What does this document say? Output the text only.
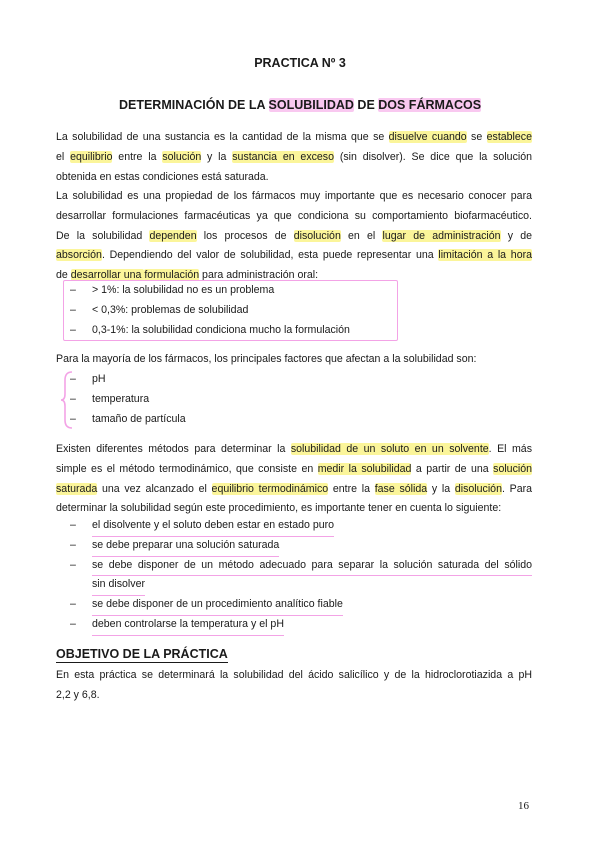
PRACTICA Nº 3
DETERMINACIÓN DE LA SOLUBILIDAD DE DOS FÁRMACOS
La solubilidad de una sustancia es la cantidad de la misma que se disuelve cuando se establece
el equilibrio entre la solución y la sustancia en exceso (sin disolver). Se dice que la solución
obtenida en estas condiciones está saturada.
La solubilidad es una propiedad de los fármacos muy importante que es necesario conocer para
desarrollar formulaciones farmacéuticas ya que condiciona su comportamiento biofarmacéutico.
De la solubilidad dependen los procesos de disolución en el lugar de administración y de
absorción. Dependiendo del valor de solubilidad, esta puede representar una limitación a la hora
de desarrollar una formulación para administración oral:
–	> 1%: la solubilidad no es un problema
–	< 0,3%: problemas de solubilidad
–	0,3-1%: la solubilidad condiciona mucho la formulación
Para la mayoría de los fármacos, los principales factores que afectan a la solubilidad son:
–	pH
–	temperatura
–	tamaño de partícula
Existen diferentes métodos para determinar la solubilidad de un soluto en un solvente. El más
simple es el método termodinámico, que consiste en medir la solubilidad a partir de una solución
saturada una vez alcanzado el equilibrio termodinámico entre la fase sólida y la disolución. Para
determinar la solubilidad según este procedimiento, es importante tener en cuenta lo siguiente:
–	el disolvente y el soluto deben estar en estado puro
–	se debe preparar una solución saturada
–	se debe disponer de un método adecuado para separar la solución saturada del sólido
sin disolver
–	se debe disponer de un procedimiento analítico fiable
–	deben controlarse la temperatura y el pH
OBJETIVO DE LA PRÁCTICA
En esta práctica se determinará la solubilidad del ácido salicílico y de la hidroclorotiazida a pH
2,2 y 6,8.
16
